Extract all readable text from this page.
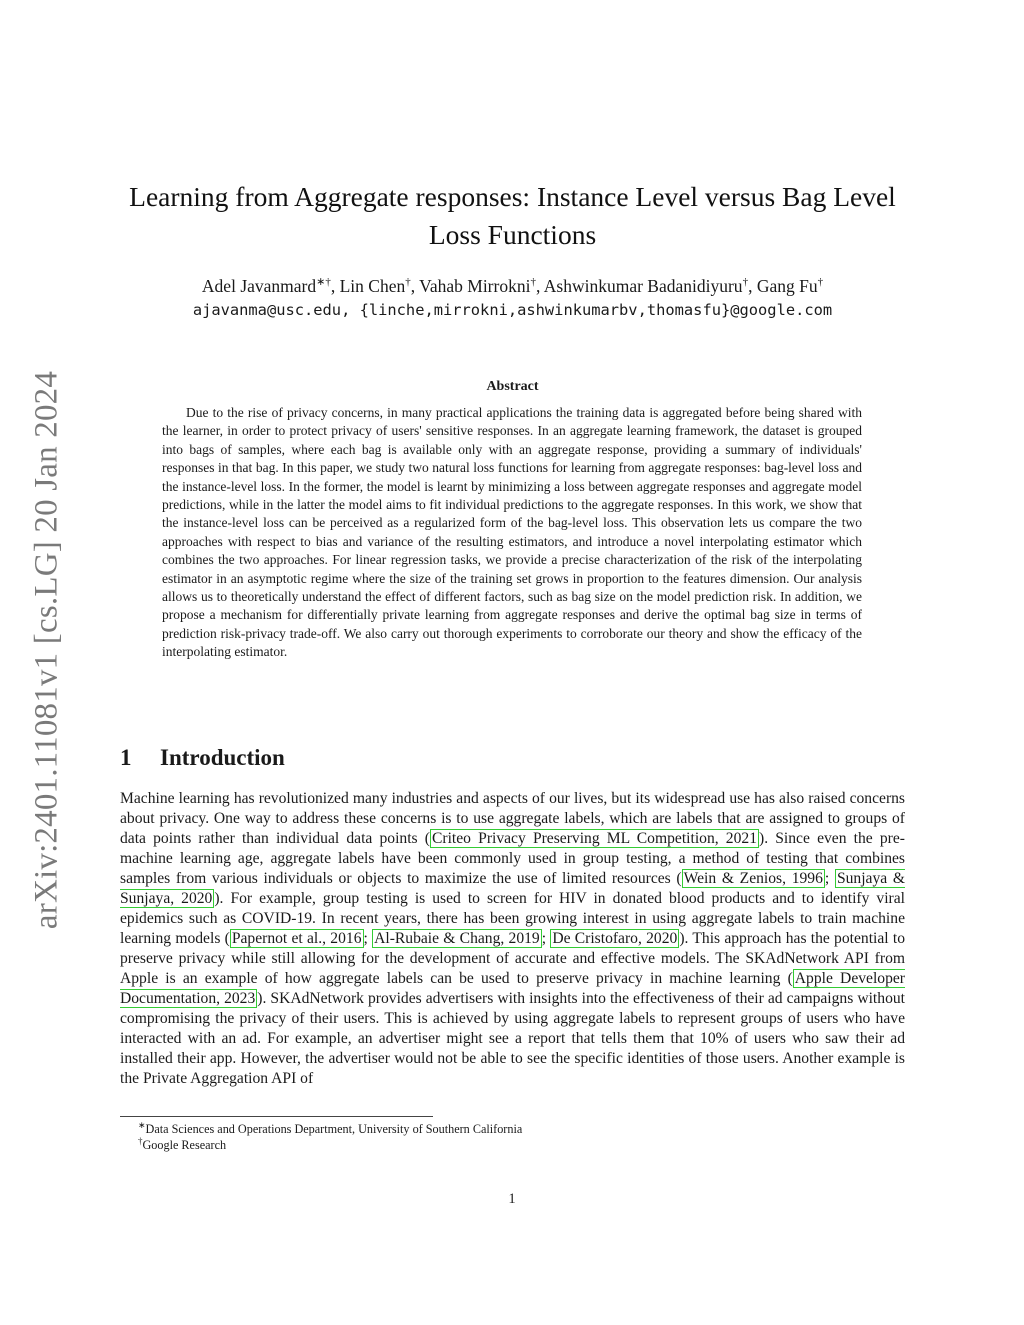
arXiv:2401.11081v1 [cs.LG] 20 Jan 2024
Learning from Aggregate responses: Instance Level versus Bag Level Loss Functions
Adel Javanmard∗†, Lin Chen†, Vahab Mirrokni†, Ashwinkumar Badanidiyuru†, Gang Fu†
ajavanma@usc.edu, {linche,mirrokni,ashwinkumarbv,thomasfu}@google.com
Abstract

Due to the rise of privacy concerns, in many practical applications the training data is aggregated before being shared with the learner, in order to protect privacy of users' sensitive responses. In an aggregate learning framework, the dataset is grouped into bags of samples, where each bag is available only with an aggregate response, providing a summary of individuals' responses in that bag. In this paper, we study two natural loss functions for learning from aggregate responses: bag-level loss and the instance-level loss. In the former, the model is learnt by minimizing a loss between aggregate responses and aggregate model predictions, while in the latter the model aims to fit individual predictions to the aggregate responses. In this work, we show that the instance-level loss can be perceived as a regularized form of the bag-level loss. This observation lets us compare the two approaches with respect to bias and variance of the resulting estimators, and introduce a novel interpolating estimator which combines the two approaches. For linear regression tasks, we provide a precise characterization of the risk of the interpolating estimator in an asymptotic regime where the size of the training set grows in proportion to the features dimension. Our analysis allows us to theoretically understand the effect of different factors, such as bag size on the model prediction risk. In addition, we propose a mechanism for differentially private learning from aggregate responses and derive the optimal bag size in terms of prediction risk-privacy trade-off. We also carry out thorough experiments to corroborate our theory and show the efficacy of the interpolating estimator.

1 Introduction

Machine learning has revolutionized many industries and aspects of our lives, but its widespread use has also raised concerns about privacy. One way to address these concerns is to use aggregate labels, which are labels that are assigned to groups of data points rather than individual data points ( Criteo Privacy Preserving ML Competition, 2021 ). Since even the pre-machine learning age, aggregate labels have been commonly used in group testing, a method of testing that combines samples from various individuals or objects to maximize the use of limited resources ( Wein & Zenios, 1996 ; Sunjaya & Sunjaya, 2020 ). For example, group testing is used to screen for HIV in donated blood products and to identify viral epidemics such as COVID-19. In recent years, there has been growing interest in using aggregate labels to train machine learning models ( Papernot et al., 2016 ; Al-Rubaie & Chang, 2019 ; De Cristofaro, 2020 ). This approach has the potential to preserve privacy while still allowing for the development of accurate and effective models. The SKAdNetwork API from Apple is an example of how aggregate labels can be used to preserve privacy in machine learning ( Apple Developer Documentation, 2023 ). SKAdNetwork provides advertisers with insights into the effectiveness of their ad campaigns without compromising the privacy of their users. This is achieved by using aggregate labels to represent groups of users who have interacted with an ad. For example, an advertiser might see a report that tells them that 10% of users who saw their ad installed their app. However, the advertiser would not be able to see the specific identities of those users. Another example is the Private Aggregation API of

∗Data Sciences and Operations Department, University of Southern California
†Google Research
1
